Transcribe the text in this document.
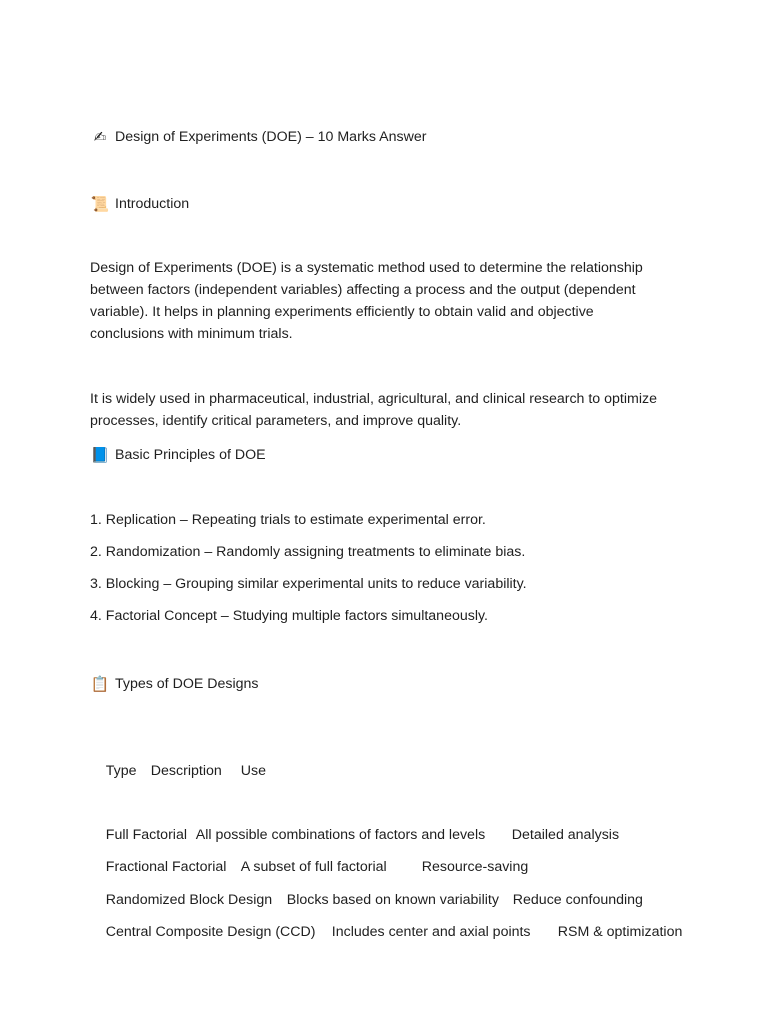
✍ Design of Experiments (DOE) – 10 Marks Answer
📜 Introduction
Design of Experiments (DOE) is a systematic method used to determine the relationship between factors (independent variables) affecting a process and the output (dependent variable). It helps in planning experiments efficiently to obtain valid and objective conclusions with minimum trials.
It is widely used in pharmaceutical, industrial, agricultural, and clinical research to optimize processes, identify critical parameters, and improve quality.
📘 Basic Principles of DOE
1. Replication – Repeating trials to estimate experimental error.
2. Randomization – Randomly assigning treatments to eliminate bias.
3. Blocking – Grouping similar experimental units to reduce variability.
4. Factorial Concept – Studying multiple factors simultaneously.
📋 Types of DOE Designs

Type Description Use

Full Factorial All possible combinations of factors and levels Detailed analysis

Fractional Factorial A subset of full factorial Resource-saving

Randomized Block Design Blocks based on known variability Reduce confounding

Central Composite Design (CCD) Includes center and axial points RSM & optimization
